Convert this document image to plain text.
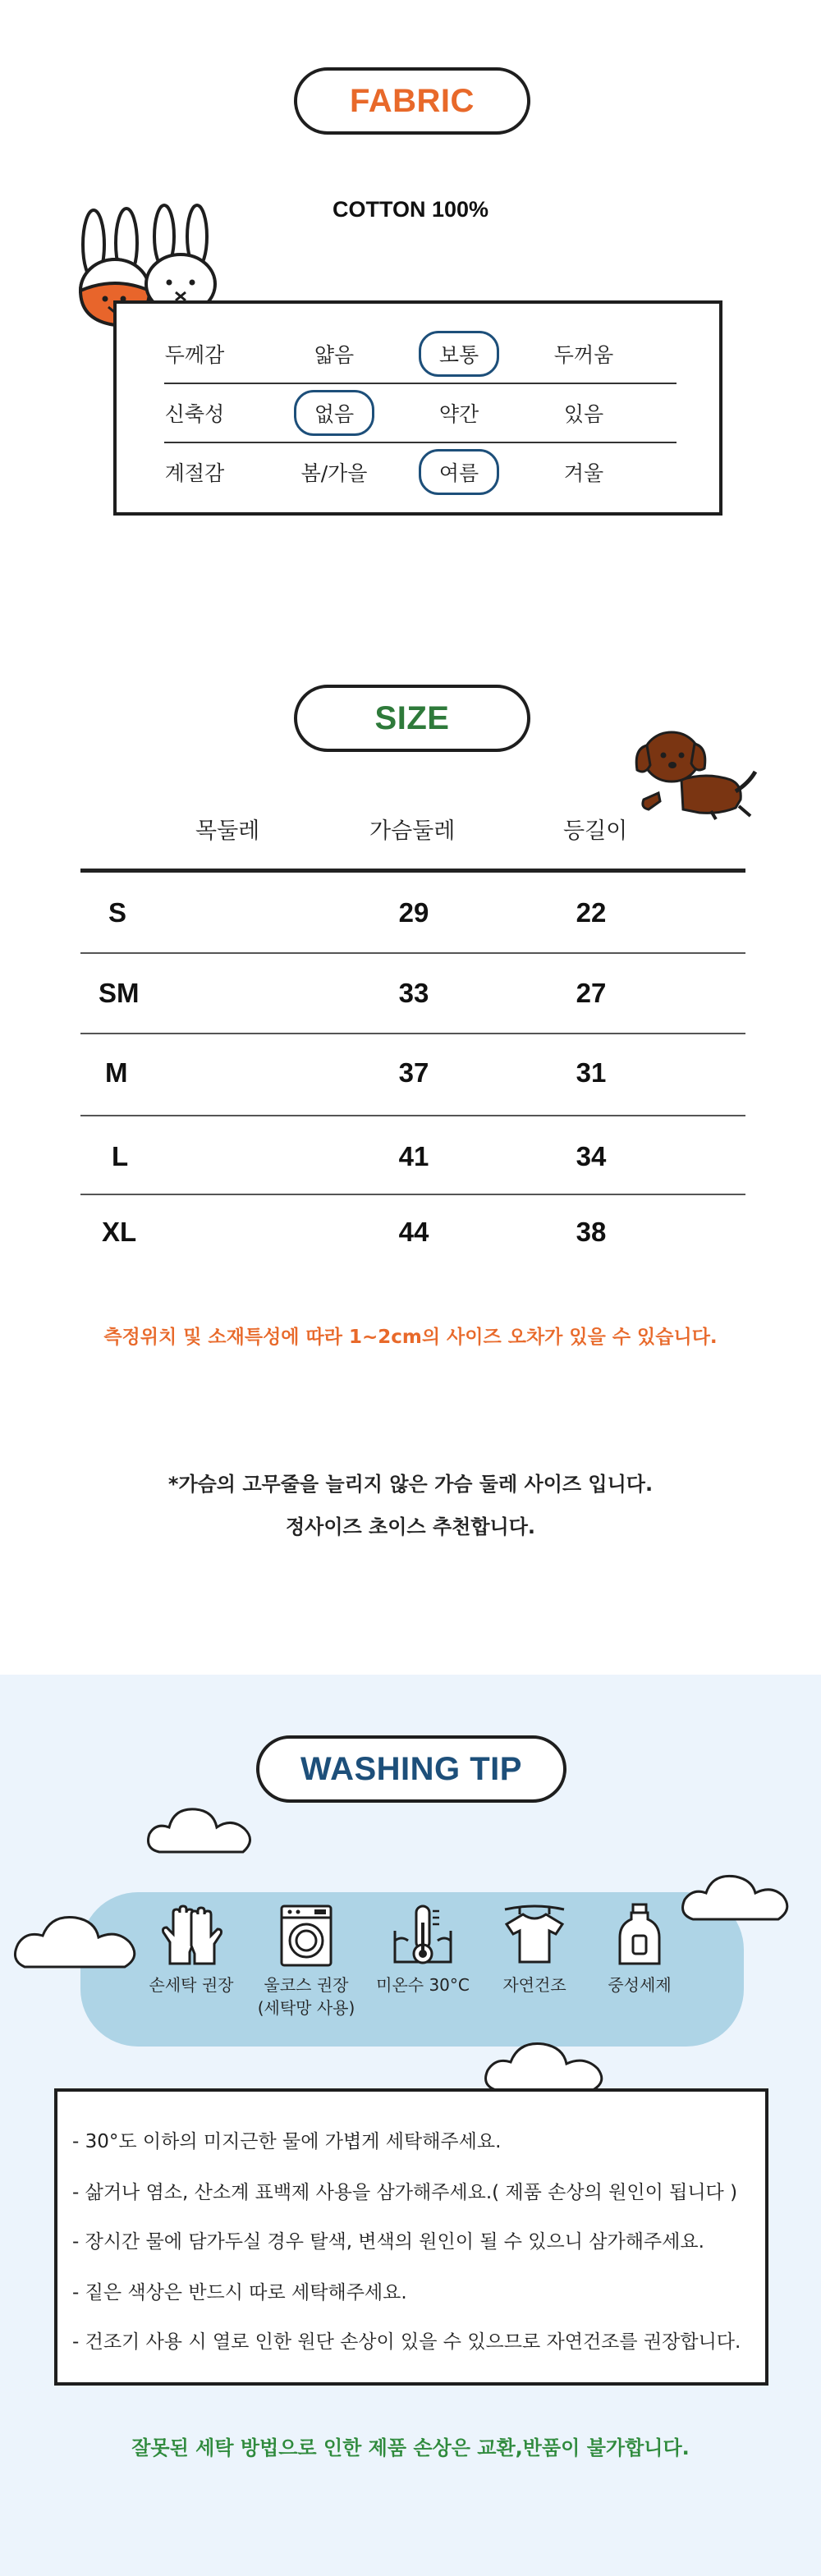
FABRIC
COTTON 100%
두께감	얇음	보통	두꺼움
신축성	없음	약간	있음
계절감	봄/가을	여름	겨울
SIZE
목둘레	가슴둘레	등길이
S	29	22
SM	33	27
M	37	31
L	41	34
XL	44	38
측정위치 및 소재특성에 따라 1~2cm의 사이즈 오차가 있을 수 있습니다.
*가슴의 고무줄을 늘리지 않은 가슴 둘레 사이즈 입니다.
정사이즈 초이스 추천합니다.
WASHING TIP
손세탁 권장	울코스 권장
(세탁망 사용)
미온수 30°C	자연건조	중성세제
- 30°도 이하의 미지근한 물에 가볍게 세탁해주세요.
- 삶거나 염소, 산소계 표백제 사용을 삼가해주세요.( 제품 손상의 원인이 됩니다 )
- 장시간 물에 담가두실 경우 탈색, 변색의 원인이 될 수 있으니 삼가해주세요.
- 짙은 색상은 반드시 따로 세탁해주세요.
- 건조기 사용 시 열로 인한 원단 손상이 있을 수 있으므로 자연건조를 권장합니다.
잘못된 세탁 방법으로 인한 제품 손상은 교환,반품이 불가합니다.
